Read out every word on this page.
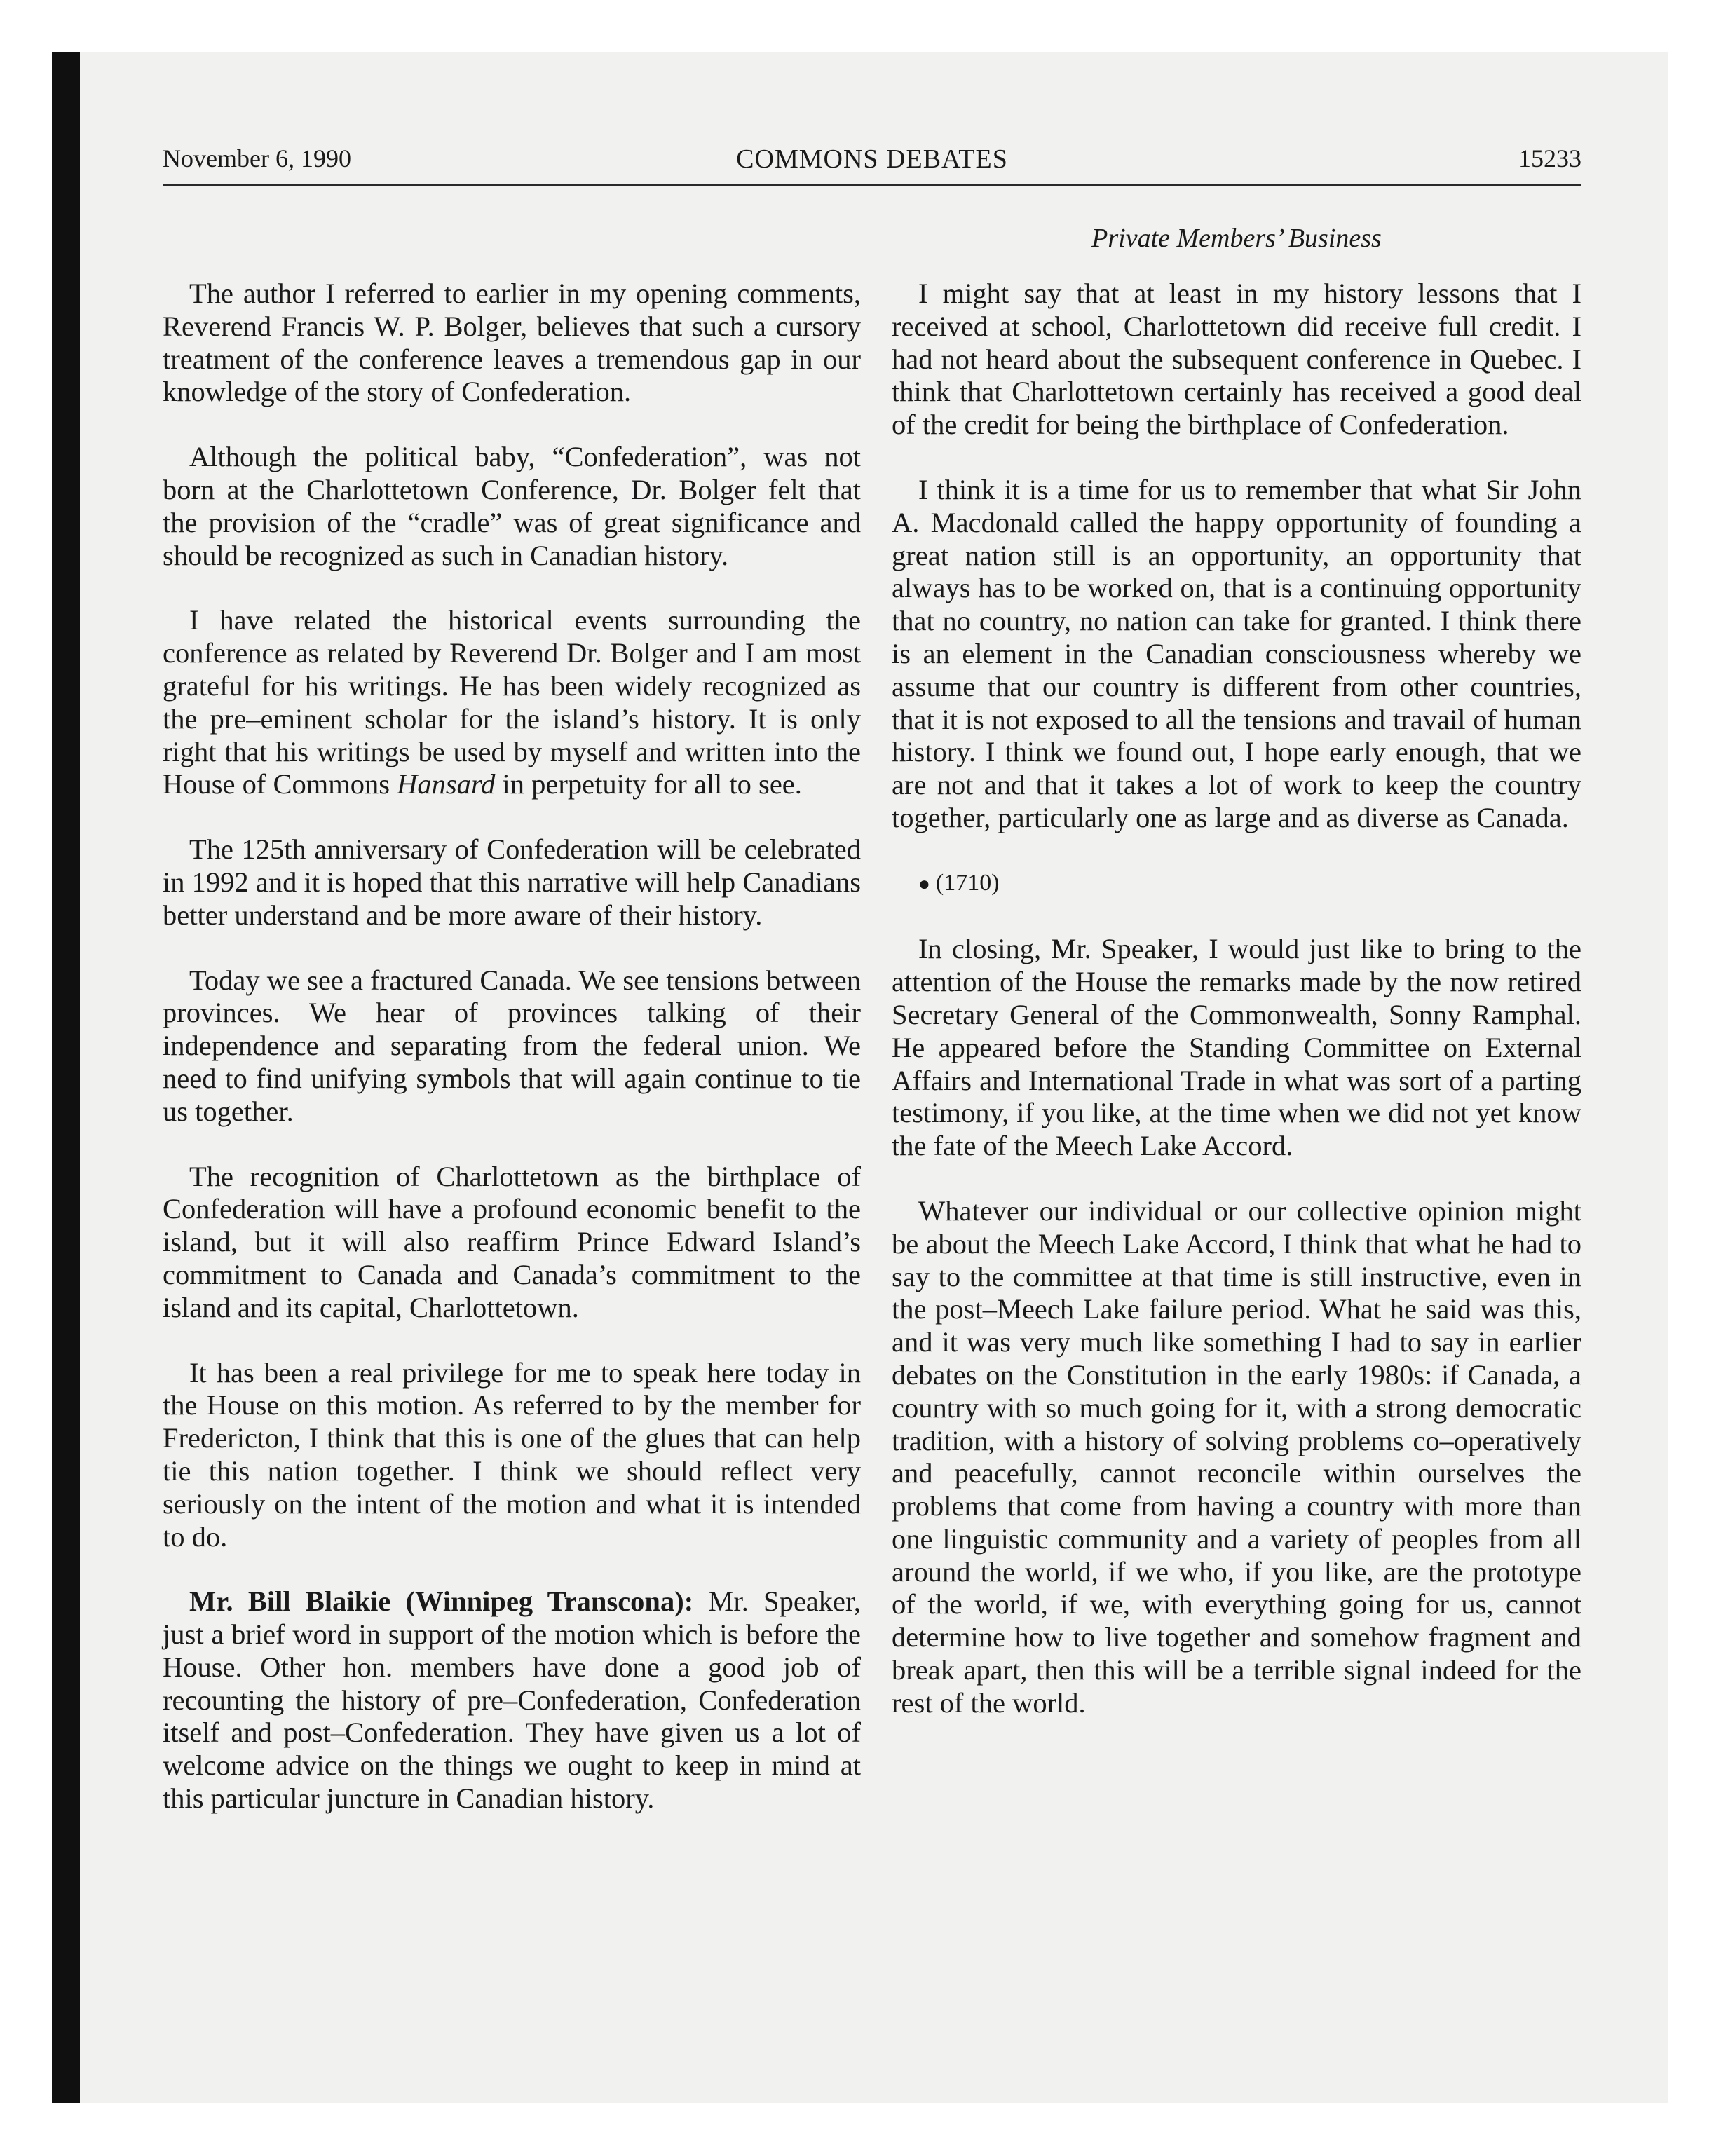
November 6, 1990	COMMONS DEBATES	15233
Private Members’ Business

The author I referred to earlier in my opening comments, Reverend Francis W. P. Bolger, believes that such a cursory treatment of the conference leaves a tremendous gap in our knowledge of the story of Confederation.

Although the political baby, “Confederation”, was not born at the Charlottetown Conference, Dr. Bolger felt that the provision of the “cradle” was of great significance and should be recognized as such in Canadian history.

I have related the historical events surrounding the conference as related by Reverend Dr. Bolger and I am most grateful for his writings. He has been widely recognized as the pre–eminent scholar for the island’s history. It is only right that his writings be used by myself and written into the House of Commons Hansard in perpetuity for all to see.

The 125th anniversary of Confederation will be celebrated in 1992 and it is hoped that this narrative will help Canadians better understand and be more aware of their history.

Today we see a fractured Canada. We see tensions between provinces. We hear of provinces talking of their independence and separating from the federal union. We need to find unifying symbols that will again continue to tie us together.

The recognition of Charlottetown as the birthplace of Confederation will have a profound economic benefit to the island, but it will also reaffirm Prince Edward Island’s commitment to Canada and Canada’s commitment to the island and its capital, Charlottetown.

It has been a real privilege for me to speak here today in the House on this motion. As referred to by the member for Fredericton, I think that this is one of the glues that can help tie this nation together. I think we should reflect very seriously on the intent of the motion and what it is intended to do.

Mr. Bill Blaikie (Winnipeg Transcona): Mr. Speaker, just a brief word in support of the motion which is before the House. Other hon. members have done a good job of recounting the history of pre–Confederation, Confederation itself and post–Confederation. They have given us a lot of welcome advice on the things we ought to keep in mind at this particular juncture in Canadian history.

I might say that at least in my history lessons that I received at school, Charlottetown did receive full credit. I had not heard about the subsequent conference in Quebec. I think that Charlottetown certainly has received a good deal of the credit for being the birthplace of Confederation.

I think it is a time for us to remember that what Sir John A. Macdonald called the happy opportunity of founding a great nation still is an opportunity, an opportunity that always has to be worked on, that is a continuing opportunity that no country, no nation can take for granted. I think there is an element in the Canadian consciousness whereby we assume that our country is different from other countries, that it is not exposed to all the tensions and travail of human history. I think we found out, I hope early enough, that we are not and that it takes a lot of work to keep the country together, particularly one as large and as diverse as Canada.

● (1710)

In closing, Mr. Speaker, I would just like to bring to the attention of the House the remarks made by the now retired Secretary General of the Commonwealth, Sonny Ramphal. He appeared before the Standing Committee on External Affairs and International Trade in what was sort of a parting testimony, if you like, at the time when we did not yet know the fate of the Meech Lake Accord.

Whatever our individual or our collective opinion might be about the Meech Lake Accord, I think that what he had to say to the committee at that time is still instructive, even in the post–Meech Lake failure period. What he said was this, and it was very much like something I had to say in earlier debates on the Constitution in the early 1980s: if Canada, a country with so much going for it, with a strong democratic tradition, with a history of solving problems co–operatively and peacefully, cannot reconcile within ourselves the problems that come from having a country with more than one linguistic community and a variety of peoples from all around the world, if we who, if you like, are the prototype of the world, if we, with everything going for us, cannot determine how to live together and somehow fragment and break apart, then this will be a terrible signal indeed for the rest of the world.
